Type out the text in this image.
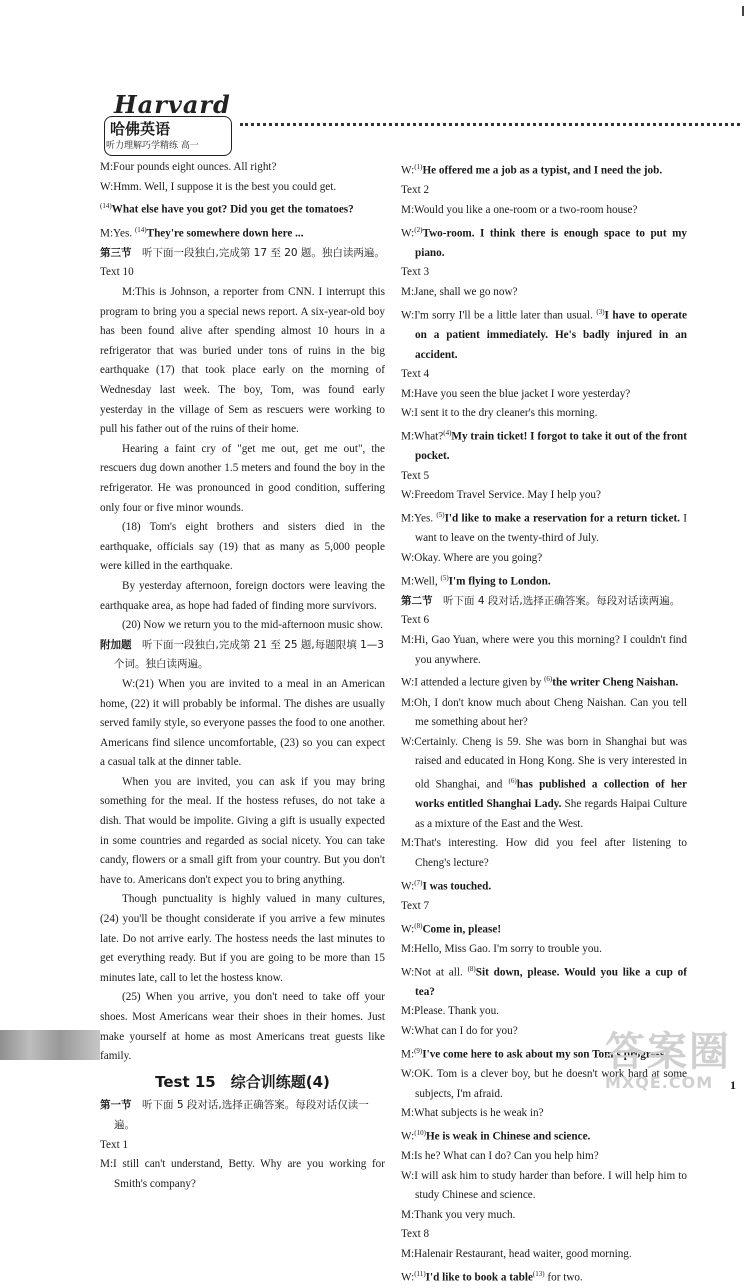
Harvard
哈佛英语
听力理解巧学精练 高一
M:Four pounds eight ounces. All right?
W:Hmm. Well, I suppose it is the best you could get.
$^{(14)}$What else have you got? Did you get the tomatoes?
M:Yes. $^{(14)}$They're somewhere down here ...
第三节　听下面一段独白,完成第 17 至 20 题。独白读两遍。
Text 10
M:This is Johnson, a reporter from CNN. I interrupt this program to bring you a special news report. A six-year-old boy has been found alive after spending almost 10 hours in a refrigerator that was buried under tons of ruins in the big earthquake (17) that took place early on the morning of Wednesday last week. The boy, Tom, was found early yesterday in the village of Sem as rescuers were working to pull his father out of the ruins of their home.
Hearing a faint cry of "get me out, get me out", the rescuers dug down another 1.5 meters and found the boy in the refrigerator. He was pronounced in good condition, suffering only four or five minor wounds.
(18) Tom's eight brothers and sisters died in the earthquake, officials say (19) that as many as 5,000 people were killed in the earthquake.
By yesterday afternoon, foreign doctors were leaving the earthquake area, as hope had faded of finding more survivors.
(20) Now we return you to the mid-afternoon music show.
附加题　听下面一段独白,完成第 21 至 25 题,每题限填 1—3 个词。独白读两遍。
W:(21) When you are invited to a meal in an American home, (22) it will probably be informal. The dishes are usually served family style, so everyone passes the food to one another. Americans find silence uncomfortable, (23) so you can expect a casual talk at the dinner table.
When you are invited, you can ask if you may bring something for the meal. If the hostess refuses, do not take a dish. That would be impolite. Giving a gift is usually expected in some countries and regarded as social nicety. You can take candy, flowers or a small gift from your country. But you don't have to. Americans don't expect you to bring anything.
Though punctuality is highly valued in many cultures, (24) you'll be thought considerate if you arrive a few minutes late. Do not arrive early. The hostess needs the last minutes to get everything ready. But if you are going to be more than 15 minutes late, call to let the hostess know.
(25) When you arrive, you don't need to take off your shoes. Most Americans wear their shoes in their homes. Just make yourself at home as most Americans treat guests like family.
Test 15　综合训练题(4)
第一节　听下面 5 段对话,选择正确答案。每段对话仅读一遍。
Text 1
M:I still can't understand, Betty. Why are you working for Smith's company?
W:$^{(1)}$He offered me a job as a typist, and I need the job.
Text 2
M:Would you like a one-room or a two-room house?
W:$^{(2)}$Two-room. I think there is enough space to put my piano.
Text 3
M:Jane, shall we go now?
W:I'm sorry I'll be a little later than usual. $^{(3)}$I have to operate on a patient immediately. He's badly injured in an accident.
Text 4
M:Have you seen the blue jacket I wore yesterday?
W:I sent it to the dry cleaner's this morning.
M:What?$^{(4)}$My train ticket! I forgot to take it out of the front pocket.
Text 5
W:Freedom Travel Service. May I help you?
M:Yes. $^{(5)}$I'd like to make a reservation for a return ticket. I want to leave on the twenty-third of July.
W:Okay. Where are you going?
M:Well, $^{(5)}$I'm flying to London.
第二节　听下面 4 段对话,选择正确答案。每段对话读两遍。
Text 6
M:Hi, Gao Yuan, where were you this morning? I couldn't find you anywhere.
W:I attended a lecture given by $^{(6)}$the writer Cheng Naishan.
M:Oh, I don't know much about Cheng Naishan. Can you tell me something about her?
W:Certainly. Cheng is 59. She was born in Shanghai but was raised and educated in Hong Kong. She is very interested in old Shanghai, and $^{(6)}$has published a collection of her works entitled Shanghai Lady. She regards Haipai Culture as a mixture of the East and the West.
M:That's interesting. How did you feel after listening to Cheng's lecture?
W:$^{(7)}$I was touched.
Text 7
W:$^{(8)}$Come in, please!
M:Hello, Miss Gao. I'm sorry to trouble you.
W:Not at all. $^{(8)}$Sit down, please. Would you like a cup of tea?
M:Please. Thank you.
W:What can I do for you?
M:$^{(9)}$I've come here to ask about my son Tom's progress.
W:OK. Tom is a clever boy, but he doesn't work hard at some subjects, I'm afraid.
M:What subjects is he weak in?
W:$^{(10)}$He is weak in Chinese and science.
M:Is he? What can I do? Can you help him?
W:I will ask him to study harder than before. I will help him to study Chinese and science.
M:Thank you very much.
Text 8
M:Halenair Restaurant, head waiter, good morning.
W:$^{(11)}$I'd like to book a table$^{(13)}$ for two.
答案圈
MXQE.COM	1
